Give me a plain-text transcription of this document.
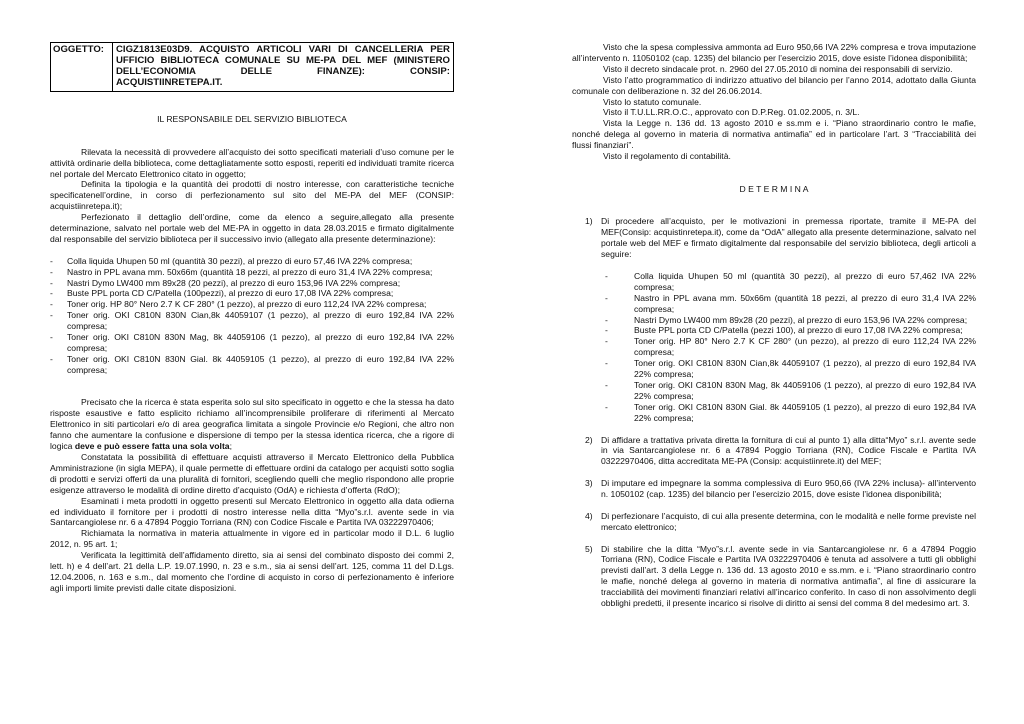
OGGETTO:	CIGZ1813E03D9. ACQUISTO ARTICOLI VARI DI CANCELLERIA PER
UFFICIO BIBLIOTECA COMUNALE SU ME-PA DEL MEF (MINISTERO
DELL’ECONOMIA DELLE FINANZE): CONSIP:
ACQUISTIINRETEPA.IT.

IL RESPONSABILE DEL SERVIZIO BIBLIOTECA

Rilevata la necessità di provvedere all’acquisto dei sotto specificati materiali d’uso comune per le attività ordinarie della biblioteca, come dettagliatamente sotto esposti, reperiti ed individuati tramite ricerca nel portale del Mercato Elettronico citato in oggetto;

Definita la tipologia e la quantità dei prodotti di nostro interesse, con caratteristiche tecniche specificatenell’ordine, in corso di perfezionamento sul sito del ME-PA del MEF (CONSIP: acquistiinretepa.it);

Perfezionato il dettaglio dell’ordine, come da elenco a seguire,allegato alla presente determinazione, salvato nel portale web del ME-PA in oggetto in data 28.03.2015 e firmato digitalmente dal responsabile del servizio biblioteca per il successivo invio (allegato alla presente determinazione):

- Colla liquida Uhupen 50 ml (quantità 30 pezzi), al prezzo di euro 57,46 IVA 22% compresa;
- Nastro in PPL avana mm. 50x66m (quantità 18 pezzi, al prezzo di euro 31,4 IVA 22% compresa;
- Nastri Dymo LW400 mm 89x28 (20 pezzi), al prezzo di euro 153,96 IVA 22% compresa;
- Buste PPL porta CD C/Patella (100pezzi), al prezzo di euro 17,08 IVA 22% compresa;
- Toner orig. HP 80° Nero 2.7 K CF 280° (1 pezzo), al prezzo di euro 112,24 IVA 22% compresa;
- Toner orig. OKI C810N 830N Cian,8k 44059107 (1 pezzo), al prezzo di euro 192,84 IVA 22% compresa;
- Toner orig. OKI C810N 830N Mag, 8k 44059106 (1 pezzo), al prezzo di euro 192,84 IVA 22% compresa;
- Toner orig. OKI C810N 830N Gial. 8k 44059105 (1 pezzo), al prezzo di euro 192,84 IVA 22% compresa;

Precisato che la ricerca è stata esperita solo sul sito specificato in oggetto e che la stessa ha dato risposte esaustive e fatto esplicito richiamo all’incomprensibile proliferare di riferimenti al Mercato Elettronico in siti particolari e/o di area geografica limitata a singole Provincie e/o Regioni, che altro non fanno che aumentare la confusione e dispersione di tempo per la stessa identica ricerca, che a rigore di logica deve e può essere fatta una sola volta;

Constatata la possibilità di effettuare acquisti attraverso il Mercato Elettronico della Pubblica Amministrazione (in sigla MEPA), il quale permette di effettuare ordini da catalogo per acquisti sotto soglia di prodotti e servizi offerti da una pluralità di fornitori, scegliendo quelli che meglio rispondono alle proprie esigenze attraverso le modalità di ordine diretto d’acquisto (OdA) e richiesta d’offerta (RdO);

Esaminati i meta prodotti in oggetto presenti sul Mercato Elettronico in oggetto alla data odierna ed individuato il fornitore per i prodotti di nostro interesse nella ditta “Myo”s.r.l. avente sede in via Santarcangiolese nr. 6 a 47894 Poggio Torriana (RN) con Codice Fiscale e Partita IVA 03222970406;

Richiamata la normativa in materia attualmente in vigore ed in particolar modo il D.L. 6 luglio 2012, n. 95 art. 1;

Verificata la legittimità dell’affidamento diretto, sia ai sensi del combinato disposto dei commi 2, lett. h) e 4 dell’art. 21 della L.P. 19.07.1990, n. 23 e s.m., sia ai sensi dell’art. 125, comma 11 del D.Lgs. 12.04.2006, n. 163 e s.m., dal momento che l’ordine di acquisto in corso di perfezionamento è inferiore agli importi limite previsti dalle citate disposizioni.

Visto che la spesa complessiva ammonta ad Euro 950,66 IVA 22% compresa e trova imputazione all’intervento n. 11050102 (cap. 1235) del bilancio per l’esercizio 2015, dove esiste l’idonea disponibilità;

Visto il decreto sindacale prot. n. 2960 del 27.05.2010 di nomina dei responsabili di servizio.

Visto l’atto programmatico di indirizzo attuativo del bilancio per l’anno 2014, adottato dalla Giunta comunale con deliberazione n. 32 del 26.06.2014.

Visto lo statuto comunale.

Visto il T.U.LL.RR.O.C., approvato con D.P.Reg. 01.02.2005, n. 3/L.

Vista la Legge n. 136 dd. 13 agosto 2010 e ss.mm e i. “Piano straordinario contro le mafie, nonché delega al governo in materia di normativa antimafia” ed in particolare l’art. 3 “Tracciabilità dei flussi finanziari”.

Visto il regolamento di contabilità.

D E T E R M I N A

1) Di procedere all’acquisto, per le motivazioni in premessa riportate, tramite il ME-PA del MEF(Consip: acquistinretepa.it), come da “OdA” allegato alla presente determinazione, salvato nel portale web del MEF e firmato digitalmente dal responsabile del servizio biblioteca, degli articoli a seguire:
- Colla liquida Uhupen 50 ml (quantità 30 pezzi), al prezzo di euro 57,462 IVA 22% compresa;
- Nastro in PPL avana mm. 50x66m (quantità 18 pezzi, al prezzo di euro 31,4 IVA 22% compresa;
- Nastri Dymo LW400 mm 89x28 (20 pezzi), al prezzo di euro 153,96 IVA 22% compresa;
- Buste PPL porta CD C/Patella (pezzi 100), al prezzo di euro 17,08 IVA 22% compresa;
- Toner orig. HP 80° Nero 2.7 K CF 280° (un pezzo), al prezzo di euro 112,24 IVA 22% compresa;
- Toner orig. OKI C810N 830N Cian,8k 44059107 (1 pezzo), al prezzo di euro 192,84 IVA 22% compresa;
- Toner orig. OKI C810N 830N Mag, 8k 44059106 (1 pezzo), al prezzo di euro 192,84 IVA 22% compresa;
- Toner orig. OKI C810N 830N Gial. 8k 44059105 (1 pezzo), al prezzo di euro 192,84 IVA 22% compresa;
2) Di affidare a trattativa privata diretta la fornitura di cui al punto 1) alla ditta“Myo” s.r.l. avente sede in via Santarcangiolese nr. 6 a 47894 Poggio Torriana (RN), Codice Fiscale e Partita IVA 03222970406, ditta accreditata ME-PA (Consip: acquistiinrete.it) del MEF;
3) Di imputare ed impegnare la somma complessiva di Euro 950,66 (IVA 22% inclusa)- all’intervento n. 1050102 (cap. 1235) del bilancio per l’esercizio 2015, dove esiste l’idonea disponibilità;
4) Di perfezionare l’acquisto, di cui alla presente determina, con le modalità e nelle forme previste nel mercato elettronico;
5) Di stabilire che la ditta “Myo”s.r.l. avente sede in via Santarcangiolese nr. 6 a 47894 Poggio Torriana (RN), Codice Fiscale e Partita IVA 03222970406 è tenuta ad assolvere a tutti gli obblighi previsti dall’art. 3 della Legge n. 136 dd. 13 agosto 2010 e ss.mm. e i. “Piano straordinario contro le mafie, nonché delega al governo in materia di normativa antimafia”, al fine di assicurare la tracciabilità dei movimenti finanziari relativi all’incarico conferito. In caso di non assolvimento degli obblighi predetti, il presente incarico si risolve di diritto ai sensi del comma 8 del medesimo art. 3.
